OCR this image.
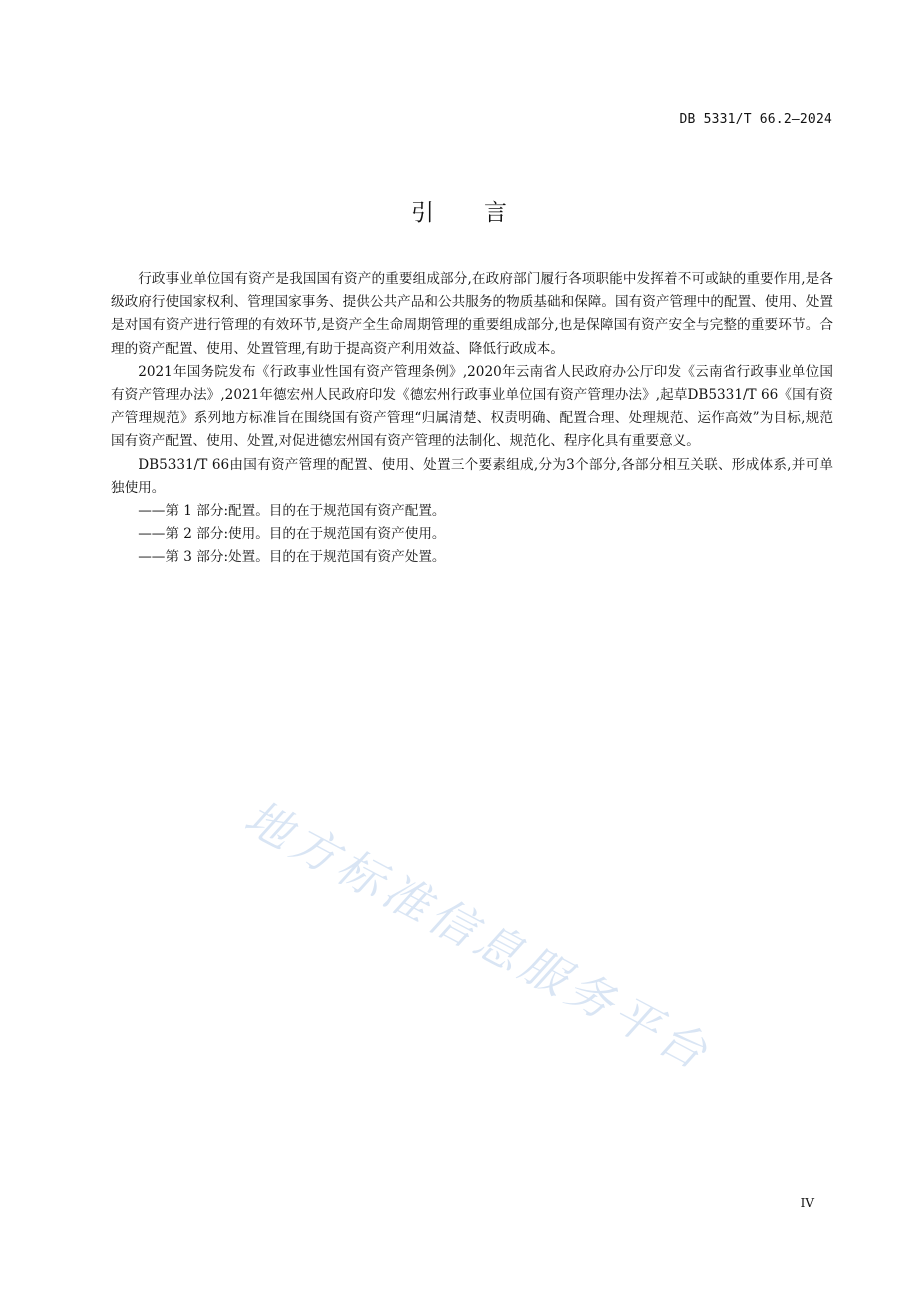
DB 5331/T 66.2—2024
引 言

行政事业单位国有资产是我国国有资产的重要组成部分,在政府部门履行各项职能中发挥着不可或缺的重要作用,是各级政府行使国家权利、管理国家事务、提供公共产品和公共服务的物质基础和保障。国有资产管理中的配置、使用、处置是对国有资产进行管理的有效环节,是资产全生命周期管理的重要组成部分,也是保障国有资产安全与完整的重要环节。合理的资产配置、使用、处置管理,有助于提高资产利用效益、降低行政成本。

2021年国务院发布《行政事业性国有资产管理条例》,2020年云南省人民政府办公厅印发《云南省行政事业单位国有资产管理办法》,2021年德宏州人民政府印发《德宏州行政事业单位国有资产管理办法》,起草DB5331/T 66《国有资产管理规范》系列地方标准旨在围绕国有资产管理“归属清楚、权责明确、配置合理、处理规范、运作高效”为目标,规范国有资产配置、使用、处置,对促进德宏州国有资产管理的法制化、规范化、程序化具有重要意义。

DB5331/T 66由国有资产管理的配置、使用、处置三个要素组成,分为3个部分,各部分相互关联、形成体系,并可单独使用。

——第 1 部分:配置。目的在于规范国有资产配置。

——第 2 部分:使用。目的在于规范国有资产使用。

——第 3 部分:处置。目的在于规范国有资产处置。

地方标准信息服务平台
IV
